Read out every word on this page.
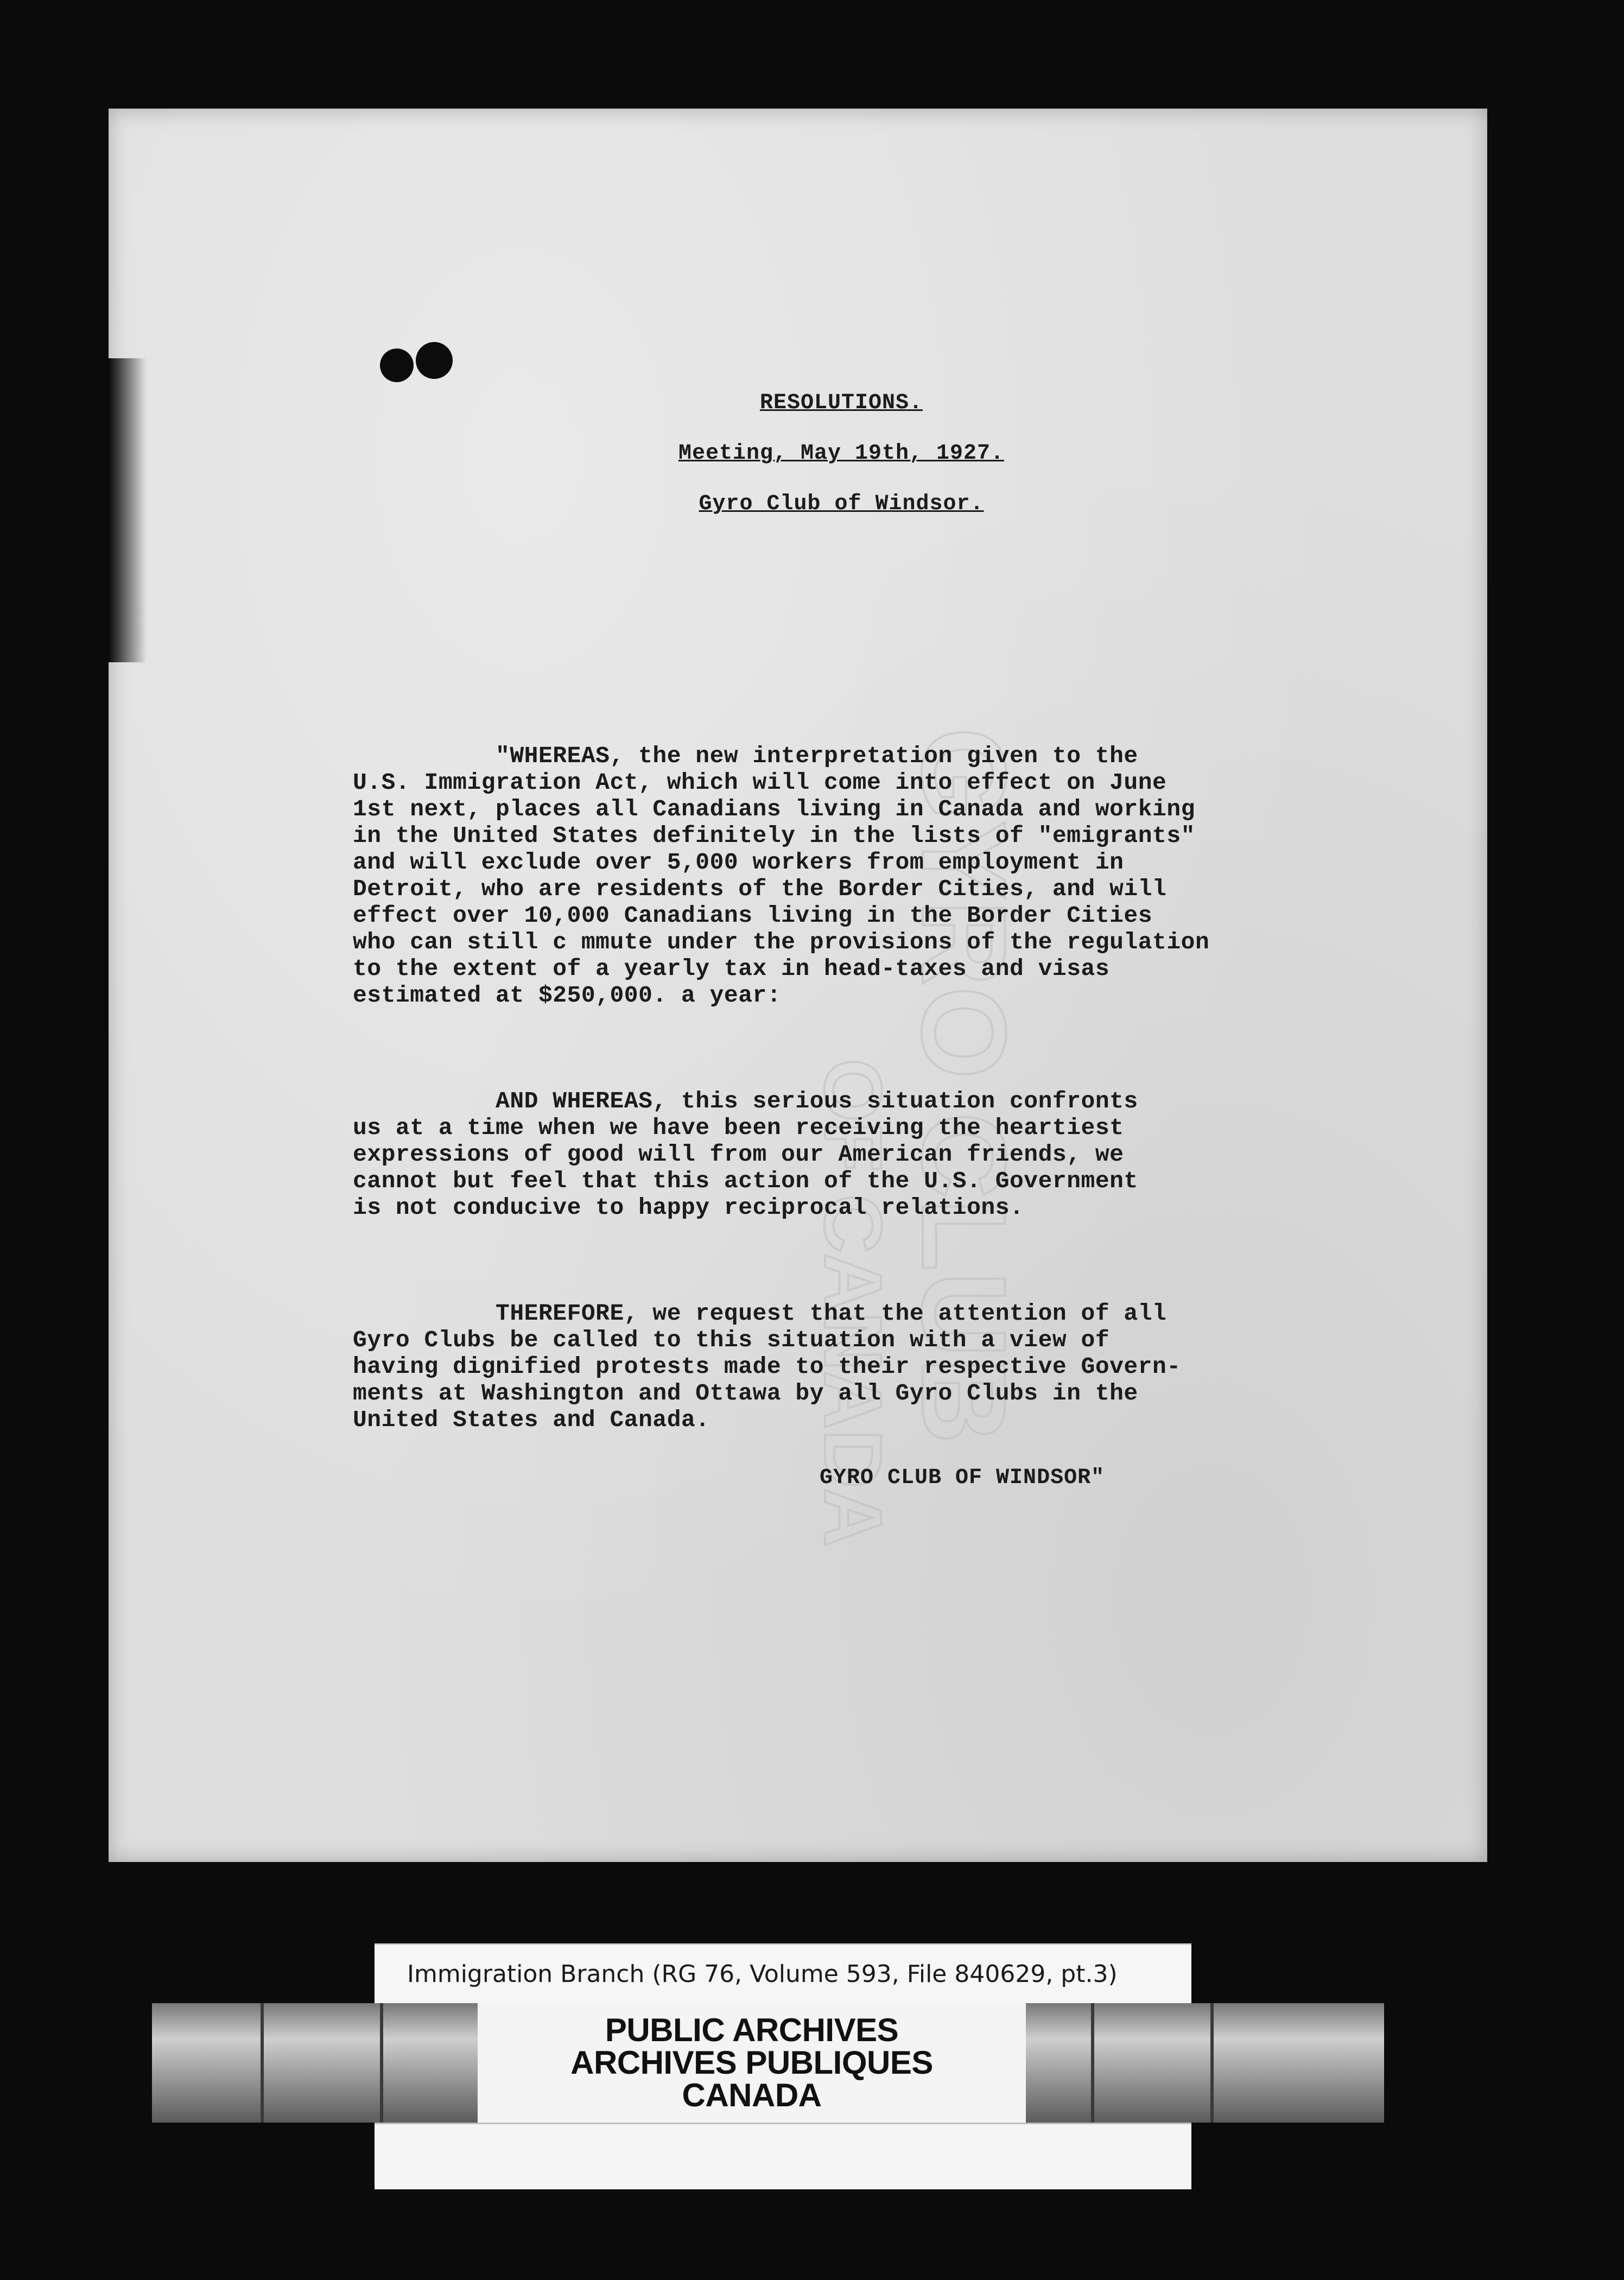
GYRO CLUB
OF CANADA
RESOLUTIONS.
Meeting, May 19th, 1927.
Gyro Club of Windsor.

"WHEREAS, the new interpretation given to the
U.S. Immigration Act, which will come into effect on June
1st next, places all Canadians living in Canada and working
in the United States definitely in the lists of "emigrants"
and will exclude over 5,000 workers from employment in
Detroit, who are residents of the Border Cities, and will
effect over 10,000 Canadians living in the Border Cities
who can still c mmute under the provisions of the regulation
to the extent of a yearly tax in head-taxes and visas
estimated at $250,000. a year:

AND WHEREAS, this serious situation confronts
us at a time when we have been receiving the heartiest
expressions of good will from our American friends, we
cannot but feel that this action of the U.S. Government
is not conducive to happy reciprocal relations.

THEREFORE, we request that the attention of all
Gyro Clubs be called to this situation with a view of
having dignified protests made to their respective Govern-
ments at Washington and Ottawa by all Gyro Clubs in the
United States and Canada.

GYRO CLUB OF WINDSOR"
Immigration Branch (RG 76, Volume 593, File 840629, pt.3)
PUBLIC ARCHIVES
ARCHIVES PUBLIQUES
CANADA
